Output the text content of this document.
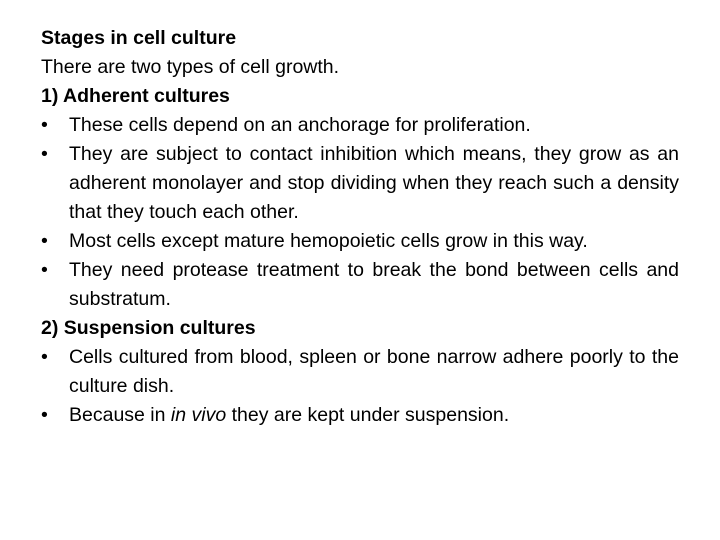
Stages in cell culture

There are two types of cell growth.

1) Adherent cultures

• These cells depend on an anchorage for proliferation.
• They are subject to contact inhibition which means, they grow as an adherent monolayer and stop dividing when they reach such a density that they touch each other.
• Most cells except mature hemopoietic cells grow in this way.
• They need protease treatment to break the bond between cells and substratum.

2) Suspension cultures

• Cells cultured from blood, spleen or bone narrow adhere poorly to the culture dish.
• Because in in vivo they are kept under suspension.
